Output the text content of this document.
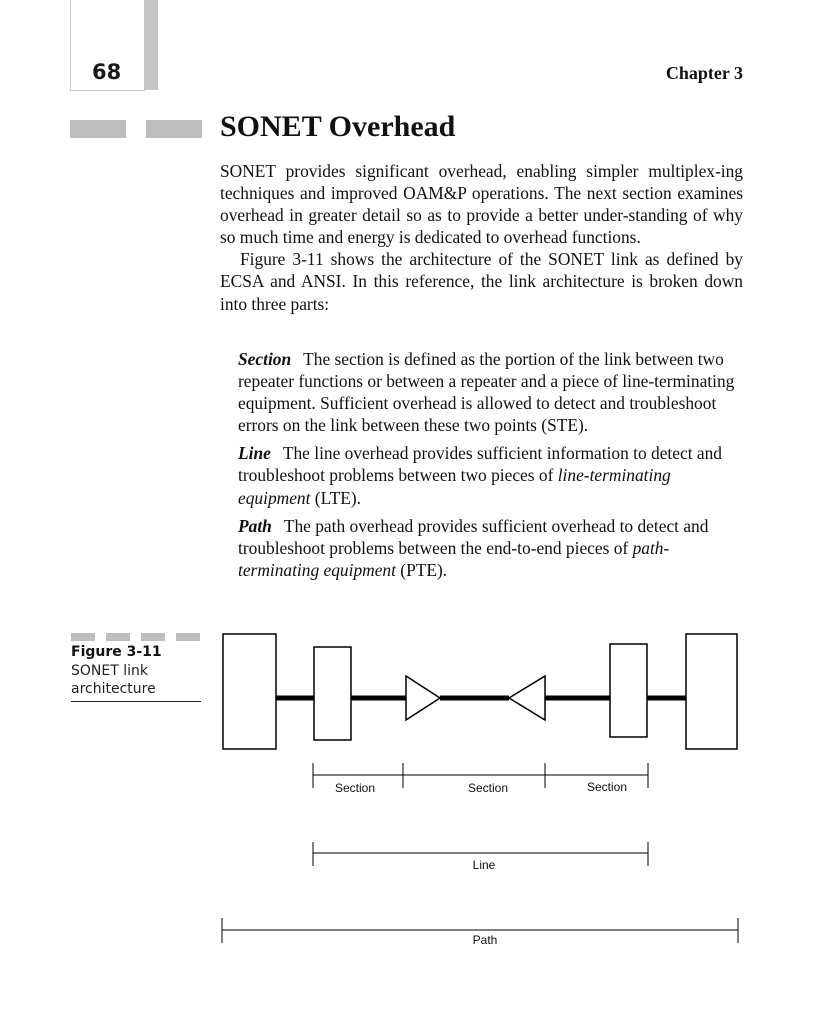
68	Chapter 3
SONET Overhead

SONET provides significant overhead, enabling simpler multiplex-ing techniques and improved OAM&P operations. The next section examines overhead in greater detail so as to provide a better under-standing of why so much time and energy is dedicated to overhead functions.

Figure 3-11 shows the architecture of the SONET link as defined by ECSA and ANSI. In this reference, the link architecture is broken down into three parts:

Section The section is defined as the portion of the link between two repeater functions or between a repeater and a piece of line-terminating equipment. Sufficient overhead is allowed to detect and troubleshoot errors on the link between these two points (STE).

Line The line overhead provides sufficient information to detect and troubleshoot problems between two pieces of line-terminating equipment (LTE).

Path The path overhead provides sufficient overhead to detect and troubleshoot problems between the end-to-end pieces of path-terminating equipment (PTE).

Figure 3-11
SONET link architecture
Section	Section	Section
Line
Path
